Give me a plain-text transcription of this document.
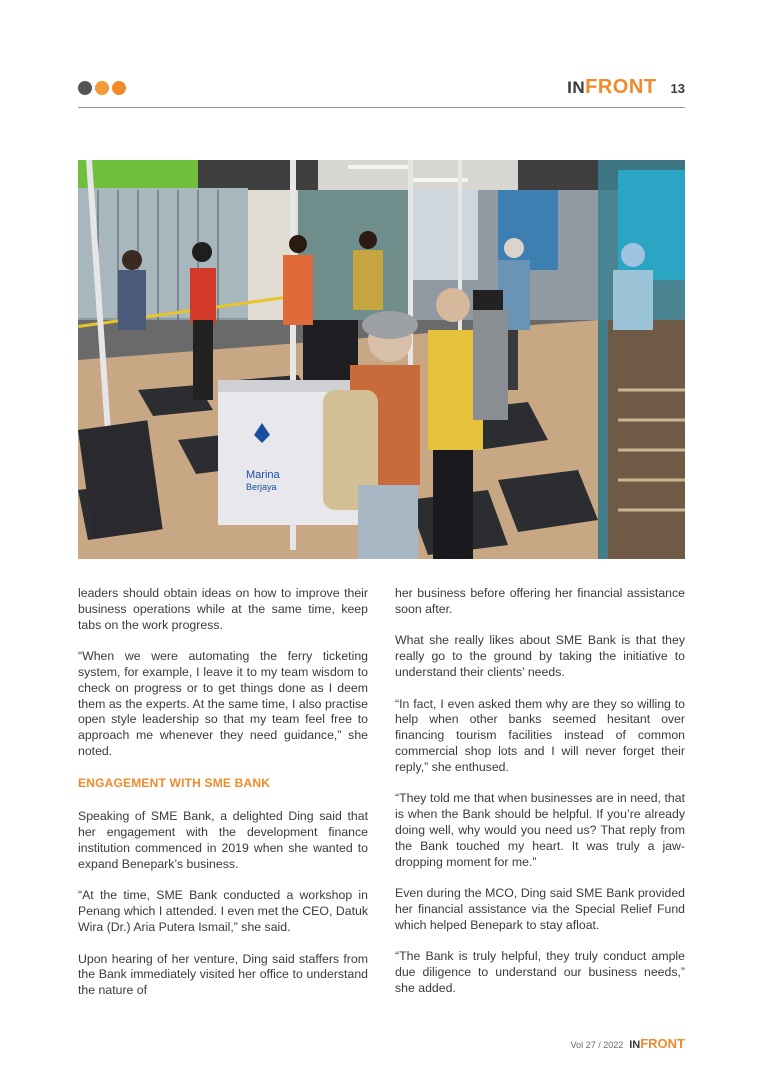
IN FRONT 13
Marina
Berjaya

leaders should obtain ideas on how to improve their business operations while at the same time, keep tabs on the work progress.

“When we were automating the ferry ticketing system, for example, I leave it to my team wisdom to check on progress or to get things done as I deem them as the experts. At the same time, I also practise open style leadership so that my team feel free to approach me whenever they need guidance,” she noted.

ENGAGEMENT WITH SME BANK

Speaking of SME Bank, a delighted Ding said that her engagement with the development finance institution commenced in 2019 when she wanted to expand Benepark’s business.

“At the time, SME Bank conducted a workshop in Penang which I attended. I even met the CEO, Datuk Wira (Dr.) Aria Putera Ismail,” she said.

Upon hearing of her venture, Ding said staffers from the Bank immediately visited her office to understand the nature of

her business before offering her financial assistance soon after.

What she really likes about SME Bank is that they really go to the ground by taking the initiative to understand their clients’ needs.

“In fact, I even asked them why are they so willing to help when other banks seemed hesitant over financing tourism facilities instead of common commercial shop lots and I will never forget their reply,” she enthused.

“They told me that when businesses are in need, that is when the Bank should be helpful. If you’re already doing well, why would you need us? That reply from the Bank touched my heart. It was truly a jaw-dropping moment for me.”

Even during the MCO, Ding said SME Bank provided her financial assistance via the Special Relief Fund which helped Benepark to stay afloat.

“The Bank is truly helpful, they truly conduct ample due diligence to understand our business needs,” she added.

Vol 27 / 2022 IN FRONT
